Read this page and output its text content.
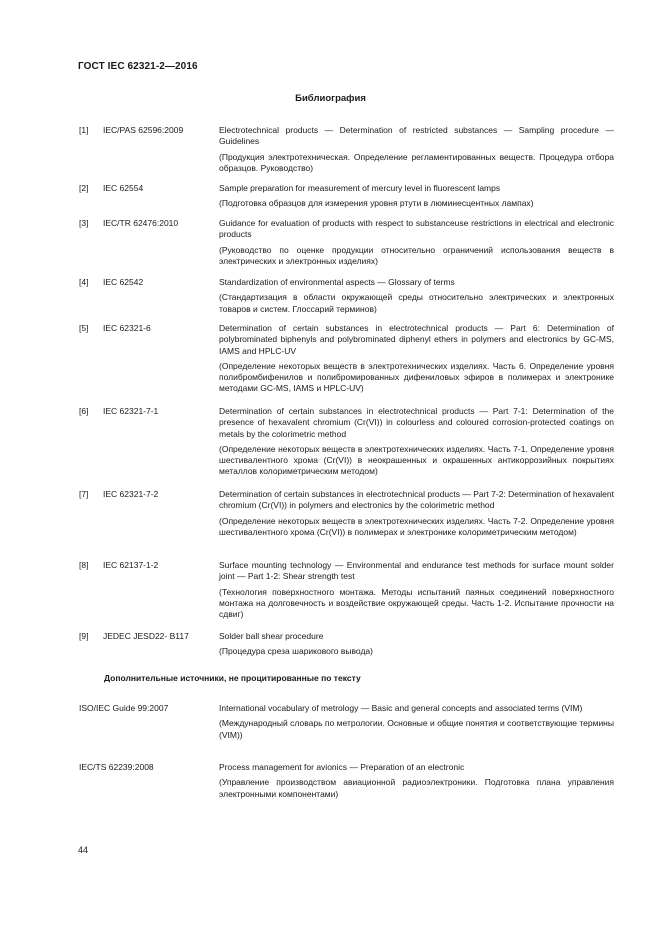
ГОСТ IEC 62321-2—2016
Библиография
[1] IEC/PAS 62596:2009	Electrotechnical products — Determination of restricted substances — Sampling procedure — Guidelines

(Продукция электротехническая. Определение регламентированных веществ. Процедура отбора образцов. Руководство)

[2] IEC 62554	Sample preparation for measurement of mercury level in fluorescent lamps

(Подготовка образцов для измерения уровня ртути в люминесцентных лампах)

[3] IEC/TR 62476:2010	Guidance for evaluation of products with respect to substanceuse restrictions in electrical and electronic products

(Руководство по оценке продукции относительно ограничений использования веществ в электрических и электронных изделиях)

[4] IEC 62542	Standardization of environmental aspects — Glossary of terms

(Стандартизация в области окружающей среды относительно электрических и электронных товаров и систем. Глоссарий терминов)

[5] IEC 62321-6	Determination of certain substances in electrotechnical products — Part 6: Determination of polybrominated biphenyls and polybrominated diphenyl ethers in polymers and electronics by GC-MS, IAMS and HPLC-UV

(Определение некоторых веществ в электротехнических изделиях. Часть 6. Определение уровня полибромбифенилов и полибромированных дифениловых эфиров в полимерах и электронике методами GC-MS, IAMS и HPLC-UV)

[6] IEC 62321-7-1	Determination of certain substances in electrotechnical products — Part 7-1: Determination of the presence of hexavalent chromium (Cr(VI)) in colourless and coloured corrosion-protected coatings on metals by the colorimetric method

(Определение некоторых веществ в электротехнических изделиях. Часть 7-1. Определение уровня шестивалентного хрома (Cr(VI)) в неокрашенных и окрашенных антикоррозийных покрытиях металлов колориметрическим методом)

[7] IEC 62321-7-2	Determination of certain substances in electrotechnical products — Part 7-2: Determination of hexavalent chromium (Cr(VI)) in polymers and electronics by the colorimetric method

(Определение некоторых веществ в электротехнических изделиях. Часть 7-2. Определение уровня шестивалентного хрома (Cr(VI)) в полимерах и электронике колориметрическим методом)

[8] IEC 62137-1-2	Surface mounting technology — Environmental and endurance test methods for surface mount solder joint — Part 1-2: Shear strength test

(Технология поверхностного монтажа. Методы испытаний паяных соединений поверхностного монтажа на долговечность и воздействие окружающей среды. Часть 1-2. Испытание прочности на сдвиг)

[9] JEDEC JESD22- B117	Solder ball shear procedure

(Процедура среза шарикового вывода)

Дополнительные источники, не процитированные по тексту
ISO/IEC Guide 99:2007	International vocabulary of metrology — Basic and general concepts and associated terms (VIM)

(Международный словарь по метрологии. Основные и общие понятия и соответствующие термины (VIM))

IEC/TS 62239:2008	Process management for avionics — Preparation of an electronic

(Управление производством авиационной радиоэлектроники. Подготовка плана управления электронными компонентами)

44
